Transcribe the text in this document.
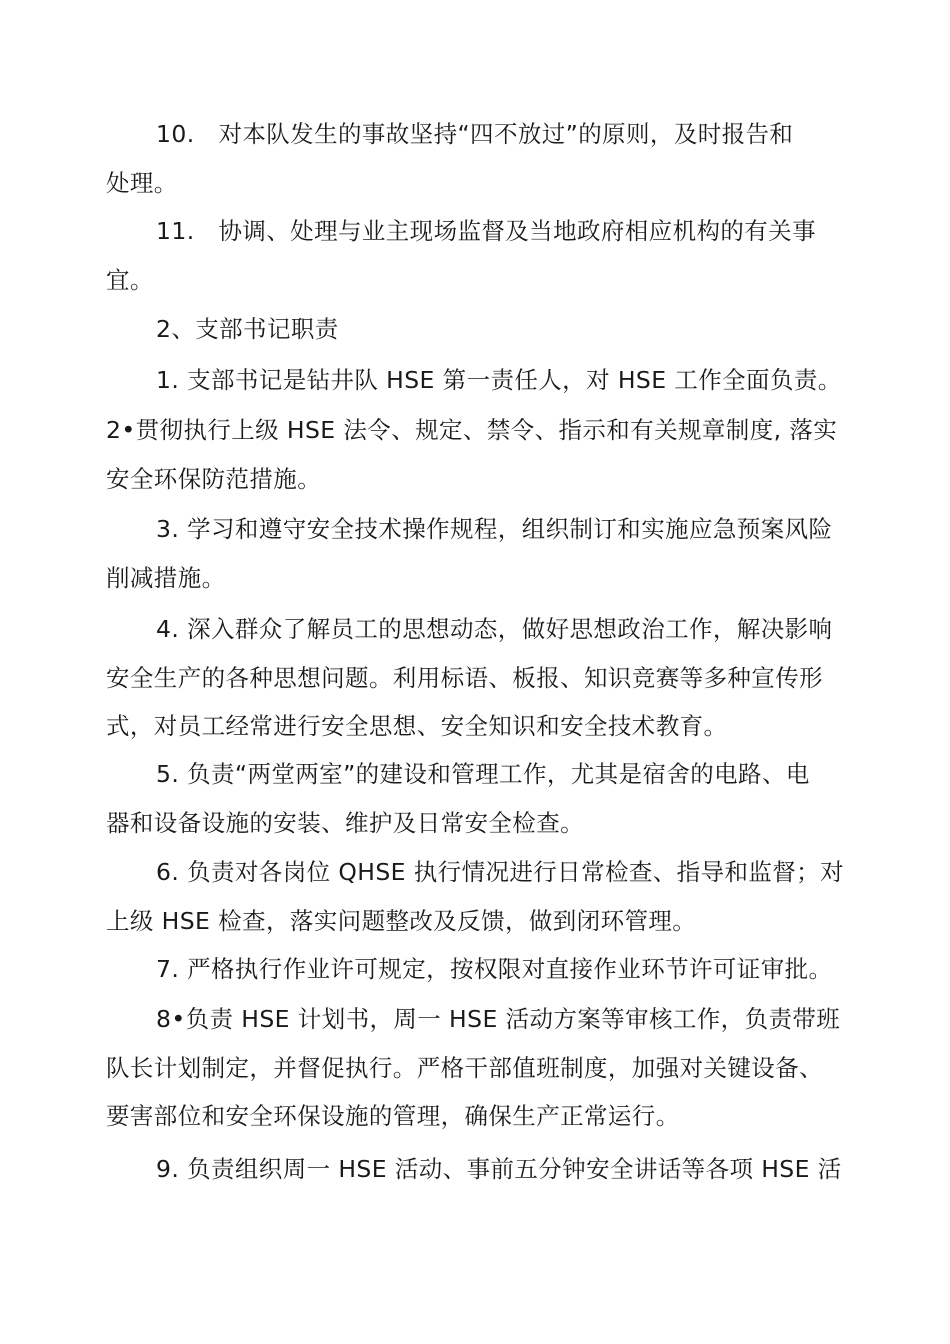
10.　对本队发生的事故坚持“四不放过”的原则，及时报告和
处理。

11.　协调、处理与业主现场监督及当地政府相应机构的有关事
宜。

2、支部书记职责

1. 支部书记是钻井队 HSE 第一责任人，对 HSE 工作全面负责。

2•贯彻执行上级 HSE 法令、规定、禁令、指示和有关规章制度, 落实
安全环保防范措施。

3. 学习和遵守安全技术操作规程，组织制订和实施应急预案风险
削减措施。

4. 深入群众了解员工的思想动态，做好思想政治工作，解决影响
安全生产的各种思想问题。利用标语、板报、知识竞赛等多种宣传形
式，对员工经常进行安全思想、安全知识和安全技术教育。

5. 负责“两堂两室”的建设和管理工作，尤其是宿舍的电路、电
器和设备设施的安装、维护及日常安全检查。

6. 负责对各岗位 QHSE 执行情况进行日常检查、指导和监督；对
上级 HSE 检查，落实问题整改及反馈，做到闭环管理。

7. 严格执行作业许可规定，按权限对直接作业环节许可证审批。

8•负责 HSE 计划书，周一 HSE 活动方案等审核工作，负责带班
队长计划制定，并督促执行。严格干部值班制度，加强对关键设备、
要害部位和安全环保设施的管理，确保生产正常运行。

9. 负责组织周一 HSE 活动、事前五分钟安全讲话等各项 HSE 活
